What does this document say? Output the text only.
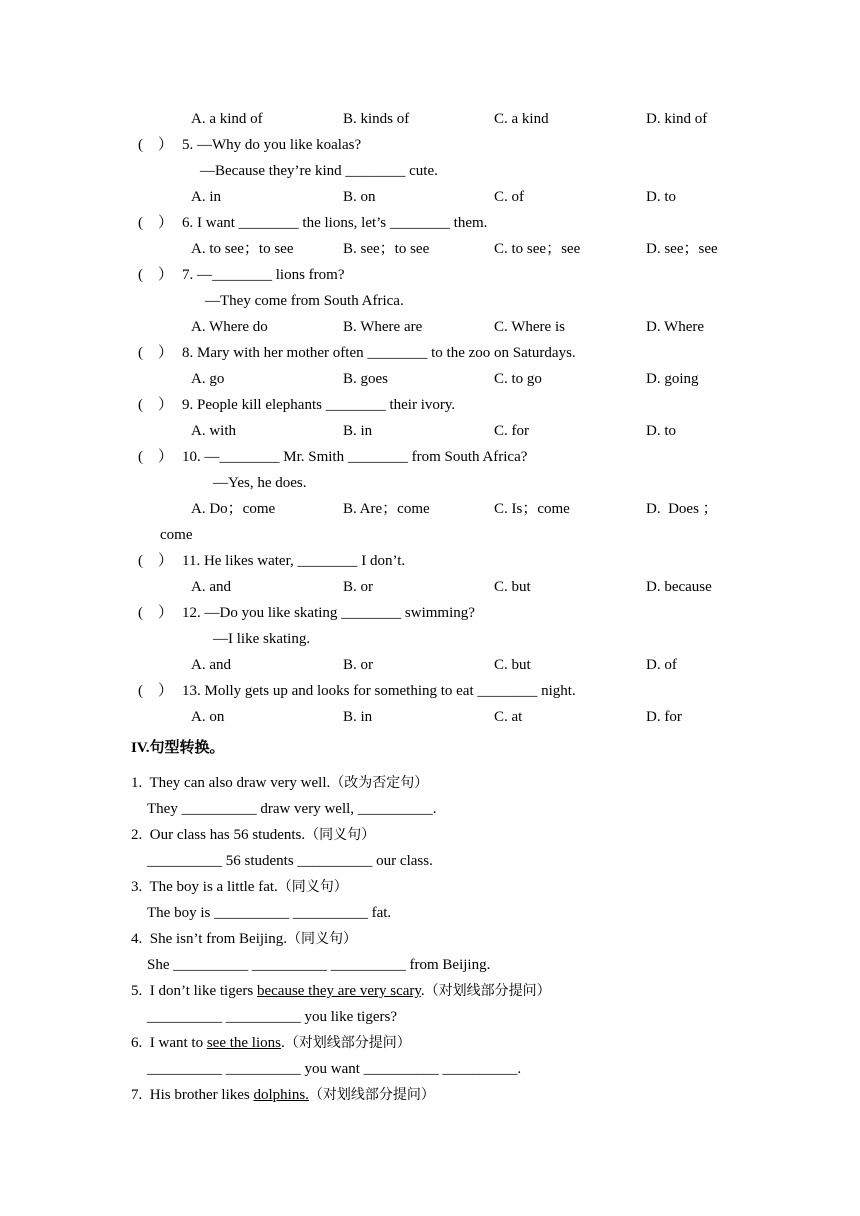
A. a kind of	B. kinds of	C. a kind	D. kind of
(　） 5. —Why do you like koalas?
—Because they’re kind ________ cute.
A. in	B. on	C. of	D. to
(　） 6. I want ________ the lions, let’s ________ them.
A. to see；to see	B. see；to see	C. to see；see	D. see；see
(　） 7. —________ lions from?
—They come from South Africa.
A. Where do	B. Where are	C. Where is	D. Where
(　） 8. Mary with her mother often ________ to the zoo on Saturdays.
A. go	B. goes	C. to go	D. going
(　） 9. People kill elephants ________ their ivory.
A. with	B. in	C. for	D. to
(　） 10. —________ Mr. Smith ________ from South Africa?
—Yes, he does.
A. Do；come	B. Are；come	C. Is；come	D.  Does ；
come
(　） 11. He likes water, ________ I don’t.
A. and	B. or	C. but	D. because
(　） 12. —Do you like skating ________ swimming?
—I like skating.
A. and	B. or	C. but	D. of
(　） 13. Molly gets up and looks for something to eat ________ night.
A. on	B. in	C. at	D. for
IV.句型转换。
1.  They can also draw very well.（改为否定句）
They __________ draw very well, __________.
2.  Our class has 56 students.（同义句）
__________ 56 students __________ our class.
3.  The boy is a little fat.（同义句）
The boy is __________ __________ fat.
4.  She isn’t from Beijing.（同义句）
She __________ __________ __________ from Beijing.
5.  I don’t like tigers because they are very scary.（对划线部分提问）
__________ __________ you like tigers?
6.  I want to see the lions.（对划线部分提问）
__________ __________ you want __________ __________.
7.  His brother likes dolphins.（对划线部分提问）
